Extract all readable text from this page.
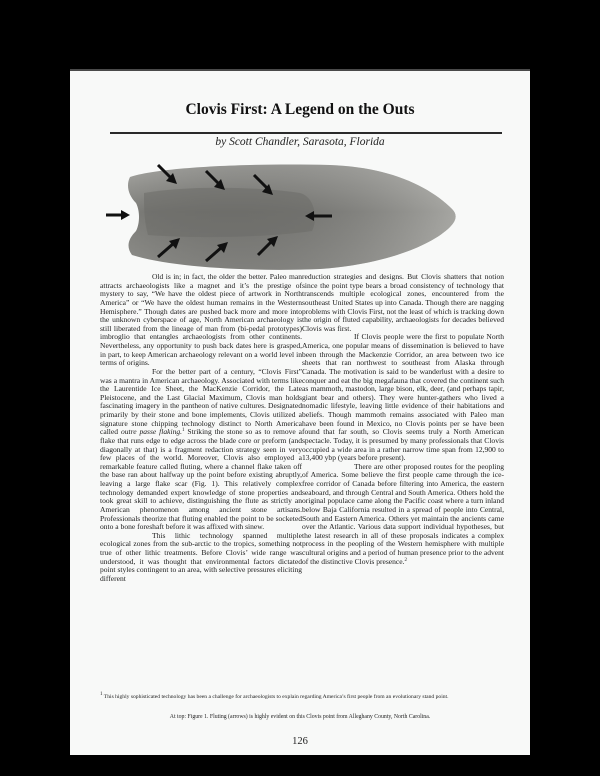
Clovis First: A Legend on the Outs
by Scott Chandler, Sarasota, Florida

Old is in; in fact, the older the better. Paleo man attracts archaeologists like a magnet and it’s the prestige of mystery to say, “We have the oldest piece of artwork in North America” or “We have the oldest human remains in the Western Hemisphere.” Though dates are pushed back more and more into the unknown cyberspace of age, North American archaeology is still liberated from the lineage of man from (bi-pedal prototypes) imbroglio that entangles archaeologists from other continents. Nevertheless, any opportunity to push back dates here is grasped, in part, to keep American archaeology relevant on a world level in terms of origins.

For the better part of a century, “Clovis First” was a mantra in American archaeology. Associated with terms like the Laurentide Ice Sheet, the MacKenzie Corridor, the Late Pleistocene, and the Last Glacial Maximum, Clovis man holds fascinating imagery in the pantheon of native cultures. Designated primarily by their stone and bone implements, Clovis utilized a signature stone chipping technology distinct to North America called outre passe flaking.$^1$ Striking the stone so as to remove a flake that runs edge to edge across the blade core or preform (and diagonally at that) is a fragment redaction strategy seen in very few places of the world. Moreover, Clovis also employed a remarkable feature called fluting, where a channel flake taken off the base ran about halfway up the point before existing abruptly, leaving a large flake scar (Fig. 1). This relatively complex technology demanded expert knowledge of stone properties and took great skill to achieve, distinguishing the flute as strictly an American phenomenon among ancient stone artisans. Professionals theorize that fluting enabled the point to be socketed onto a bone foreshaft before it was affixed with sinew.

This lithic technology spanned multiple ecological zones from the sub-arctic to the tropics, something not true of other lithic treatments. Before Clovis’ wide range was understood, it was thought that environmental factors dictated point styles contingent to an area, with selective pressures eliciting different

reduction strategies and designs. But Clovis shatters that notion since the point type bears a broad consistency of technology that transcends multiple ecological zones, encountered from the southeast United States up into Canada. Though there are nagging problems with Clovis First, not the least of which is tracking down the origin of fluted capability, archaeologists for decades believed Clovis was first.

If Clovis people were the first to populate North America, one popular means of dissemination is believed to have been through the Mackenzie Corridor, an area between two ice sheets that ran northwest to southeast from Alaska through Canada. The motivation is said to be wanderlust with a desire to conquer and eat the big megafauna that covered the continent such as mammoth, mastodon, large bison, elk, deer, (and perhaps tapir, giant bear and others). They were hunter-gathers who lived a nomadic lifestyle, leaving little evidence of their habitations and beliefs. Though mammoth remains associated with Paleo man have been found in Mexico, no Clovis points per se have been found that far south, so Clovis seems truly a North American spectacle. Today, it is presumed by many professionals that Clovis occupied a wide area in a rather narrow time span from 12,900 to 13,400 ybp (years before present).

There are other proposed routes for the peopling of America. Some believe the first people came through the ice-free corridor of Canada before filtering into America, the eastern seaboard, and through Central and South America. Others hold the original populace came along the Pacific coast where a turn inland below Baja California resulted in a spread of people into Central, South and Eastern America. Others yet maintain the ancients came over the Atlantic. Various data support individual hypotheses, but the latest research in all of these proposals indicates a complex process in the peopling of the Western hemisphere with multiple cultural origins and a period of human presence prior to the advent of the distinctive Clovis presence.$^2$

$^1$ This highly sophisticated technology has been a challenge for archaeologists to explain regarding America’s first people from an evolutionary stand point.
At top: Figure 1. Fluting (arrows) is highly evident on this Clovis point from Alleghany County, North Carolina.
126
